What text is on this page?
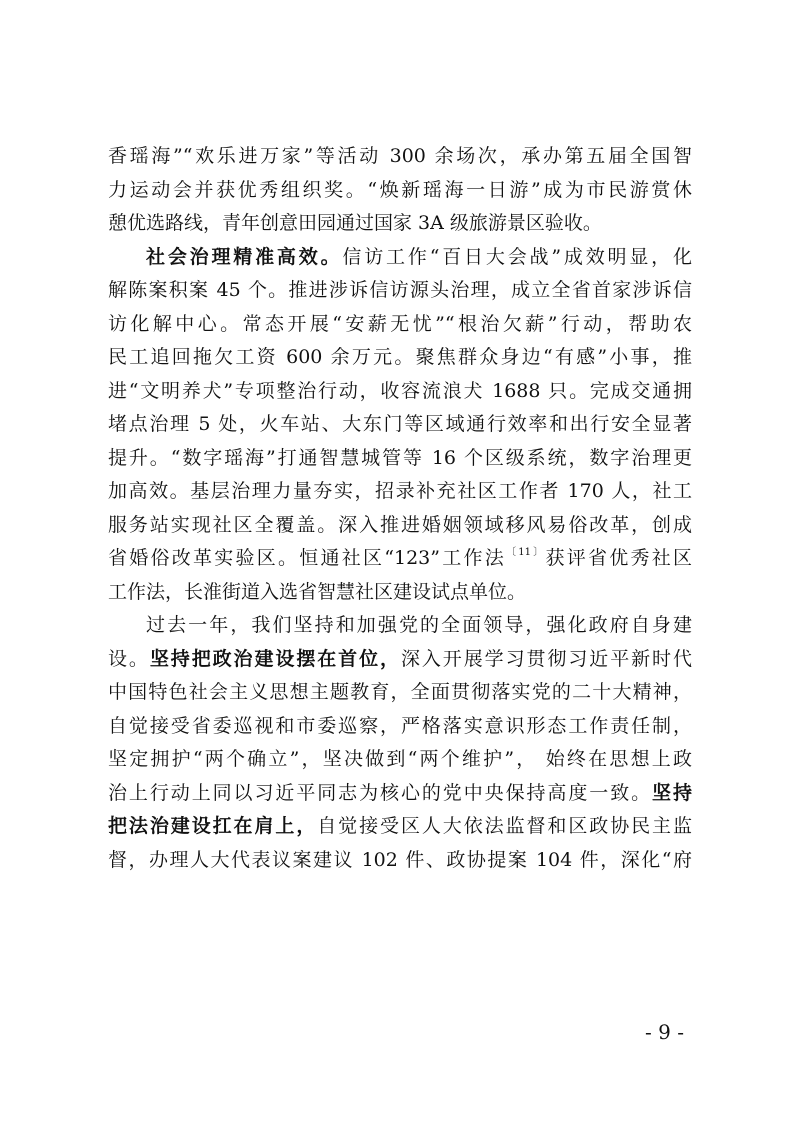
香瑶海”“欢乐进万家”等活动 300 余场次，承办第五届全国智
力运动会并获优秀组织奖。“焕新瑶海一日游”成为市民游赏休
憩优选路线，青年创意田园通过国家 3A 级旅游景区验收。
社会治理精准高效。信访工作“百日大会战”成效明显，化
解陈案积案 45 个。推进涉诉信访源头治理，成立全省首家涉诉信
访化解中心。常态开展“安薪无忧”“根治欠薪”行动，帮助农
民工追回拖欠工资 600 余万元。聚焦群众身边“有感”小事，推
进“文明养犬”专项整治行动，收容流浪犬 1688 只。完成交通拥
堵点治理 5 处，火车站、大东门等区域通行效率和出行安全显著
提升。“数字瑶海”打通智慧城管等 16 个区级系统，数字治理更
加高效。基层治理力量夯实，招录补充社区工作者 170 人，社工
服务站实现社区全覆盖。深入推进婚姻领域移风易俗改革，创成
省婚俗改革实验区。恒通社区“123”工作法$^{〔11〕}$获评省优秀社区
工作法，长淮街道入选省智慧社区建设试点单位。
过去一年，我们坚持和加强党的全面领导，强化政府自身建
设。坚持把政治建设摆在首位，深入开展学习贯彻习近平新时代
中国特色社会主义思想主题教育，全面贯彻落实党的二十大精神，
自觉接受省委巡视和市委巡察，严格落实意识形态工作责任制，
坚定拥护“两个确立”，坚决做到“两个维护”， 始终在思想上政
治上行动上同以习近平同志为核心的党中央保持高度一致。坚持
把法治建设扛在肩上，自觉接受区人大依法监督和区政协民主监
督，办理人大代表议案建议 102 件、政协提案 104 件，深化“府
- 9 -
